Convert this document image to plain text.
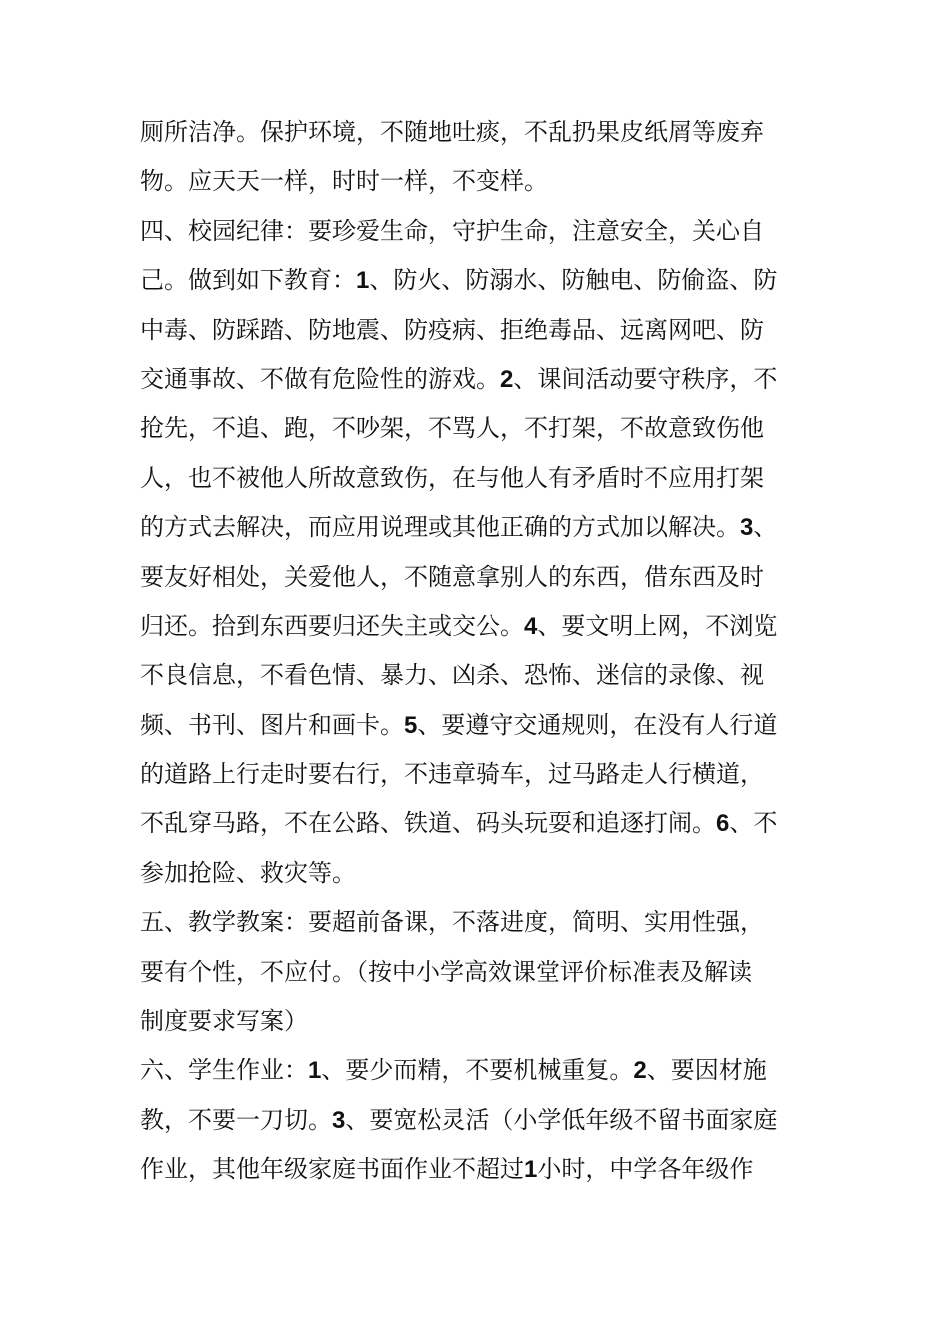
厕所洁净。保护环境，不随地吐痰，不乱扔果皮纸屑等废弃
物。应天天一样，时时一样，不变样。
四、校园纪律：要珍爱生命，守护生命，注意安全，关心自
己。做到如下教育：1、防火、防溺水、防触电、防偷盗、防
中毒、防踩踏、防地震、防疫病、拒绝毒品、远离网吧、防
交通事故、不做有危险性的游戏。2、课间活动要守秩序，不
抢先，不追、跑，不吵架，不骂人，不打架，不故意致伤他
人，也不被他人所故意致伤，在与他人有矛盾时不应用打架
的方式去解决，而应用说理或其他正确的方式加以解决。3、
要友好相处，关爱他人，不随意拿别人的东西，借东西及时
归还。拾到东西要归还失主或交公。4、要文明上网，不浏览
不良信息，不看色情、暴力、凶杀、恐怖、迷信的录像、视
频、书刊、图片和画卡。5、要遵守交通规则，在没有人行道
的道路上行走时要右行，不违章骑车，过马路走人行横道，
不乱穿马路，不在公路、铁道、码头玩耍和追逐打闹。6、不
参加抢险、救灾等。
五、教学教案：要超前备课，不落进度，简明、实用性强，
要有个性，不应付。（按中小学高效课堂评价标准表及解读
制度要求写案）
六、学生作业：1、要少而精，不要机械重复。2、要因材施
教，不要一刀切。3、要宽松灵活（小学低年级不留书面家庭
作业，其他年级家庭书面作业不超过1小时，中学各年级作
